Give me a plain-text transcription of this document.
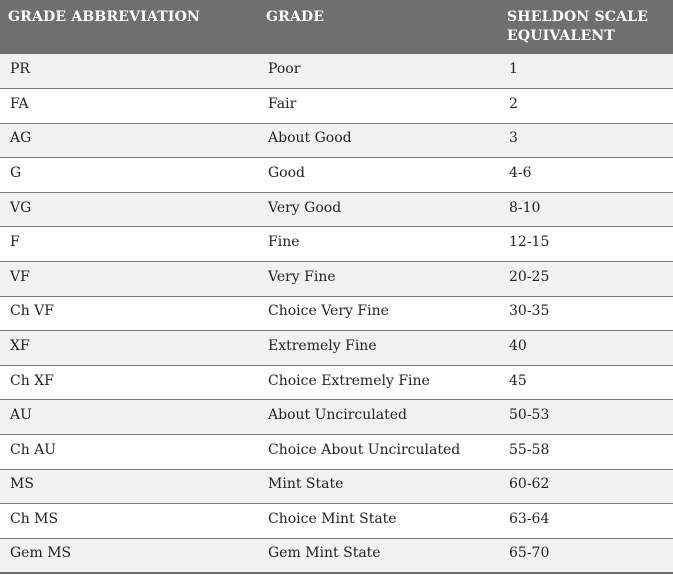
GRADE ABBREVIATION	GRADE	SHELDON SCALE
EQUIVALENT
PR	Poor	1
FA	Fair	2
AG	About Good	3
G	Good	4-6
VG	Very Good	8-10
F	Fine	12-15
VF	Very Fine	20-25
Ch VF	Choice Very Fine	30-35
XF	Extremely Fine	40
Ch XF	Choice Extremely Fine	45
AU	About Uncirculated	50-53
Ch AU	Choice About Uncirculated	55-58
MS	Mint State	60-62
Ch MS	Choice Mint State	63-64
Gem MS	Gem Mint State	65-70
